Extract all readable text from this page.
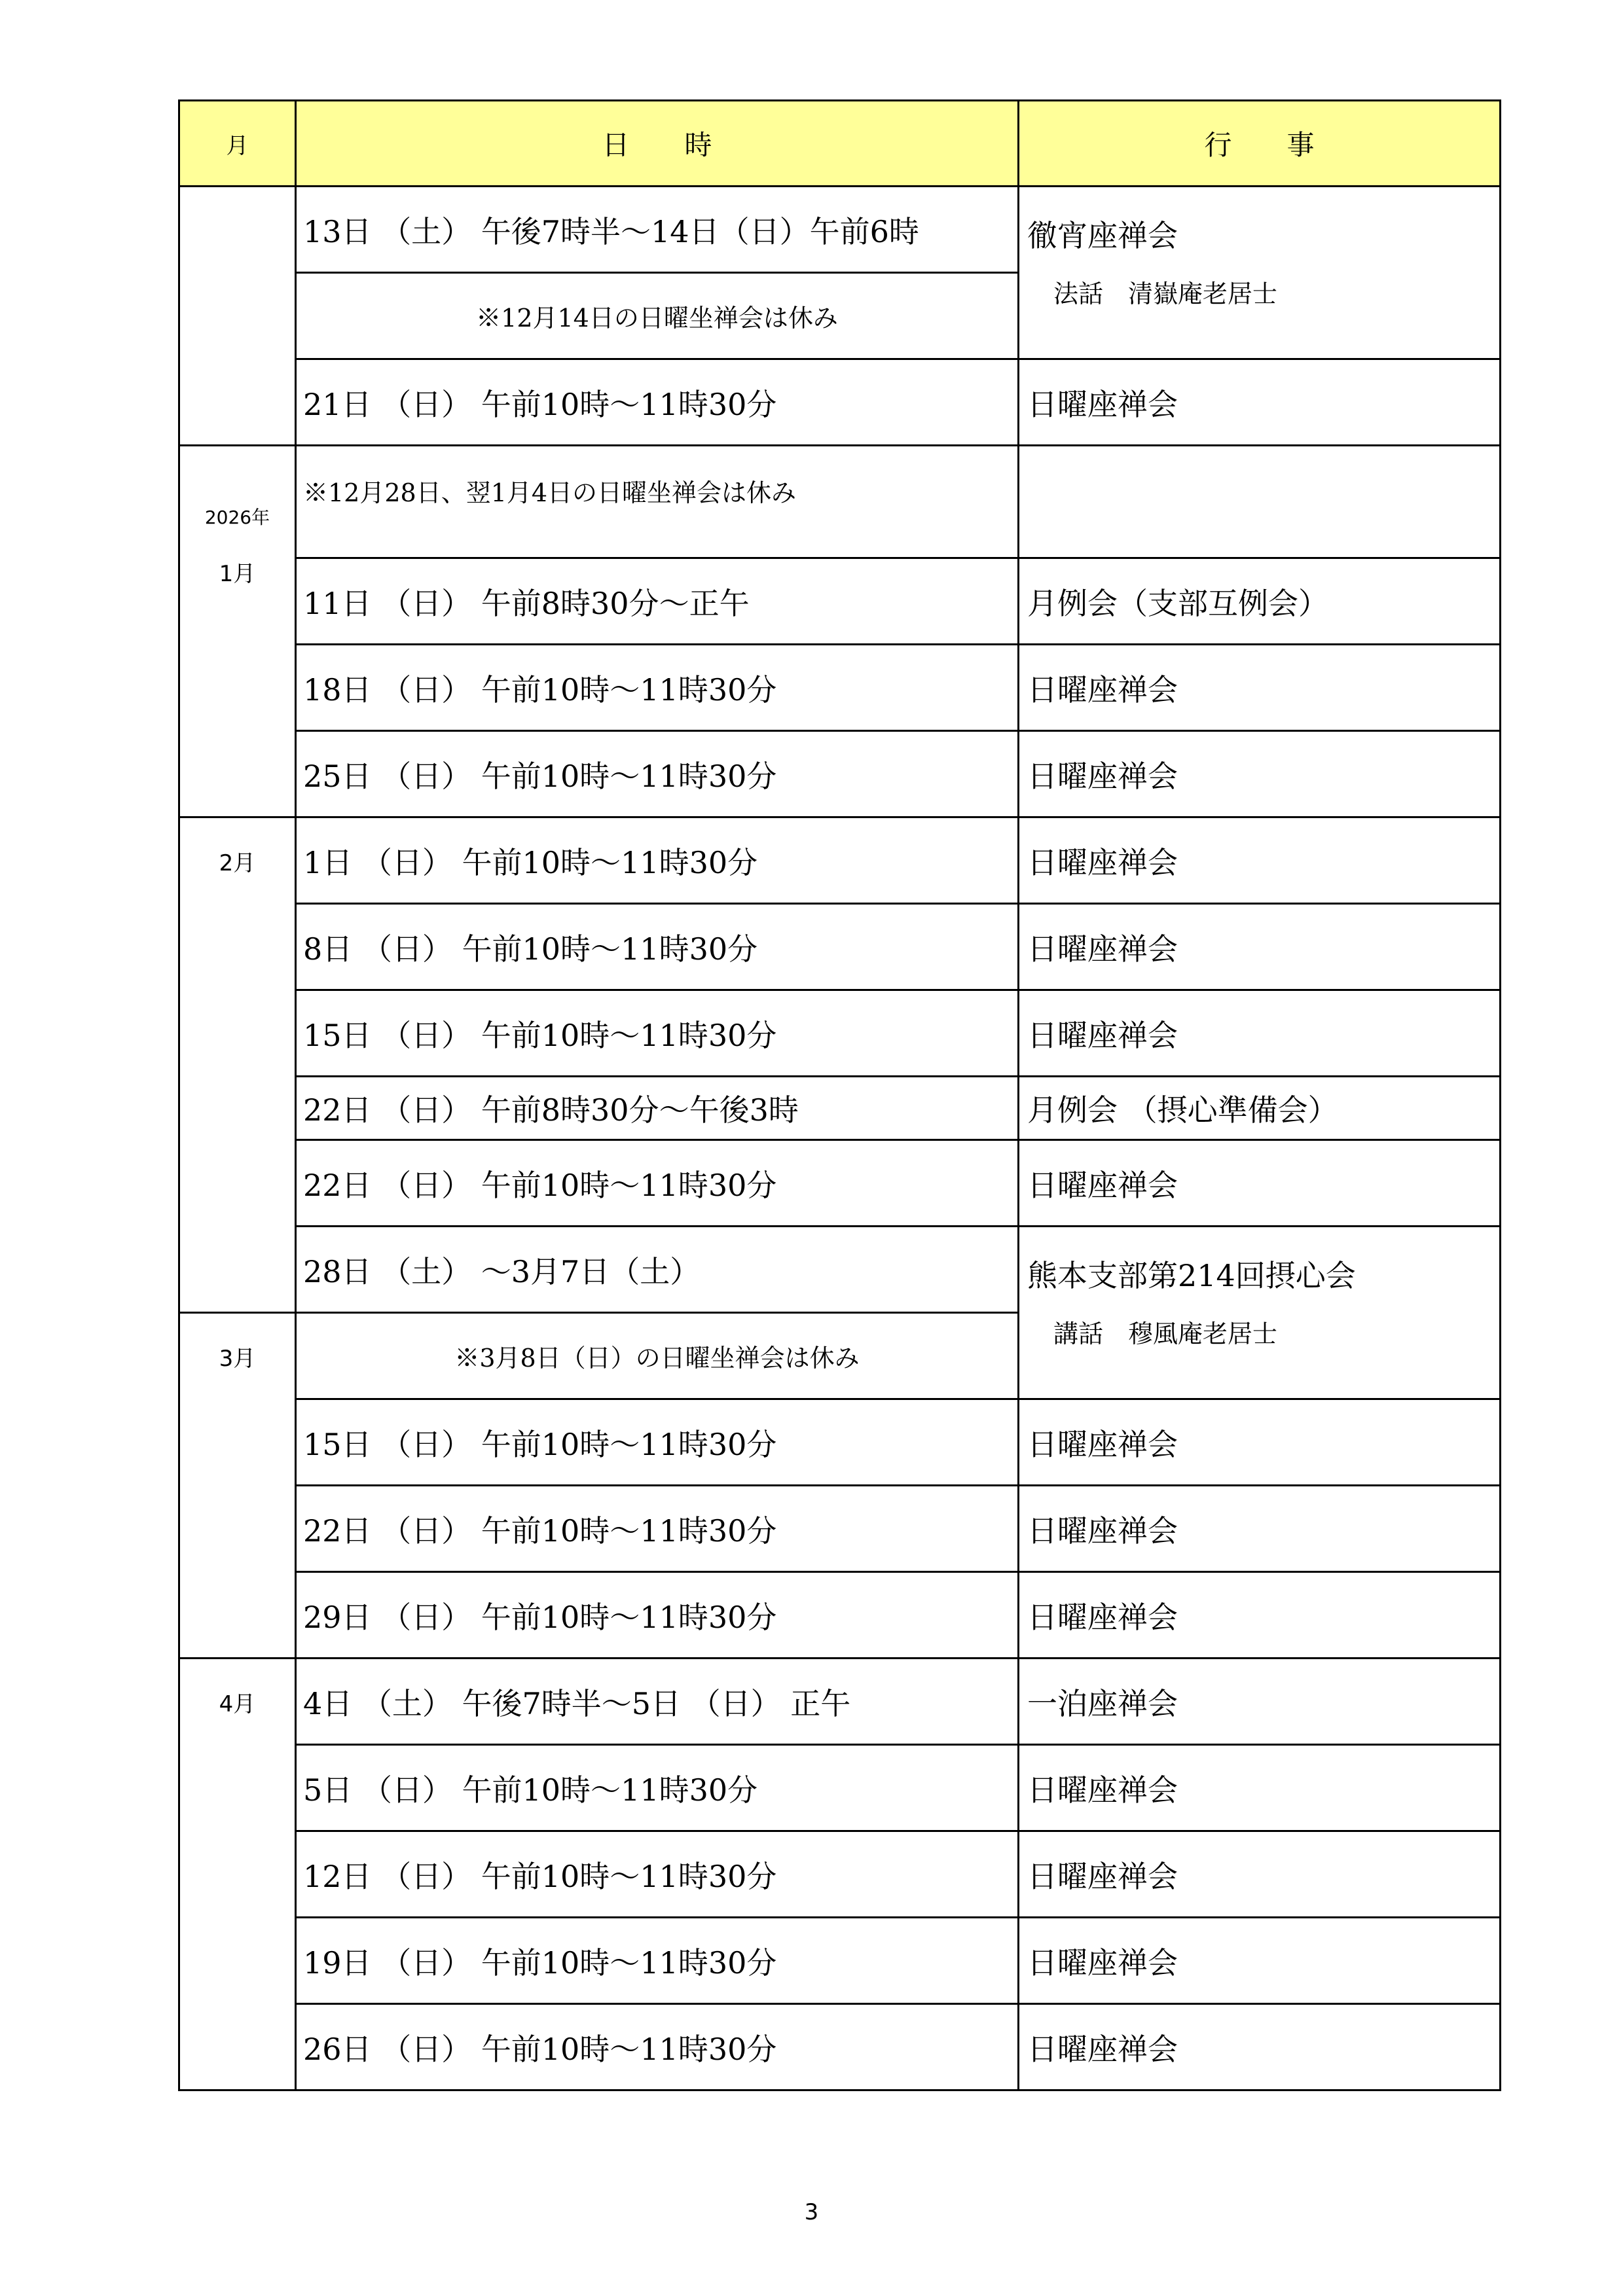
月	日　　時	行　　事
	13日 （土） 午後7時半～14日（日）午前6時	徹宵座禅会
法話　清嶽庵老居士

	※12月14日の日曜坐禅会は休み	
	21日 （日） 午前10時～11時30分	日曜座禅会

2026年
1月	※12月28日、翌1月4日の日曜坐禅会は休み	
	11日 （日） 午前8時30分～正午	月例会（支部互例会）
	18日 （日） 午前10時～11時30分	日曜座禅会
	25日 （日） 午前10時～11時30分	日曜座禅会
2月	1日 （日） 午前10時～11時30分	日曜座禅会
	8日 （日） 午前10時～11時30分	日曜座禅会
	15日 （日） 午前10時～11時30分	日曜座禅会
	22日 （日） 午前8時30分～午後3時	月例会 （摂心準備会）
	22日 （日） 午前10時～11時30分	日曜座禅会
	28日 （土） ～3月7日（土）	熊本支部第214回摂心会
講話　穆風庵老居士

3月	※3月8日（日）の日曜坐禅会は休み	
	15日 （日） 午前10時～11時30分	日曜座禅会
	22日 （日） 午前10時～11時30分	日曜座禅会
	29日 （日） 午前10時～11時30分	日曜座禅会
4月	4日 （土） 午後7時半～5日 （日） 正午	一泊座禅会
	5日 （日） 午前10時～11時30分	日曜座禅会
	12日 （日） 午前10時～11時30分	日曜座禅会
	19日 （日） 午前10時～11時30分	日曜座禅会
	26日 （日） 午前10時～11時30分	日曜座禅会
3
